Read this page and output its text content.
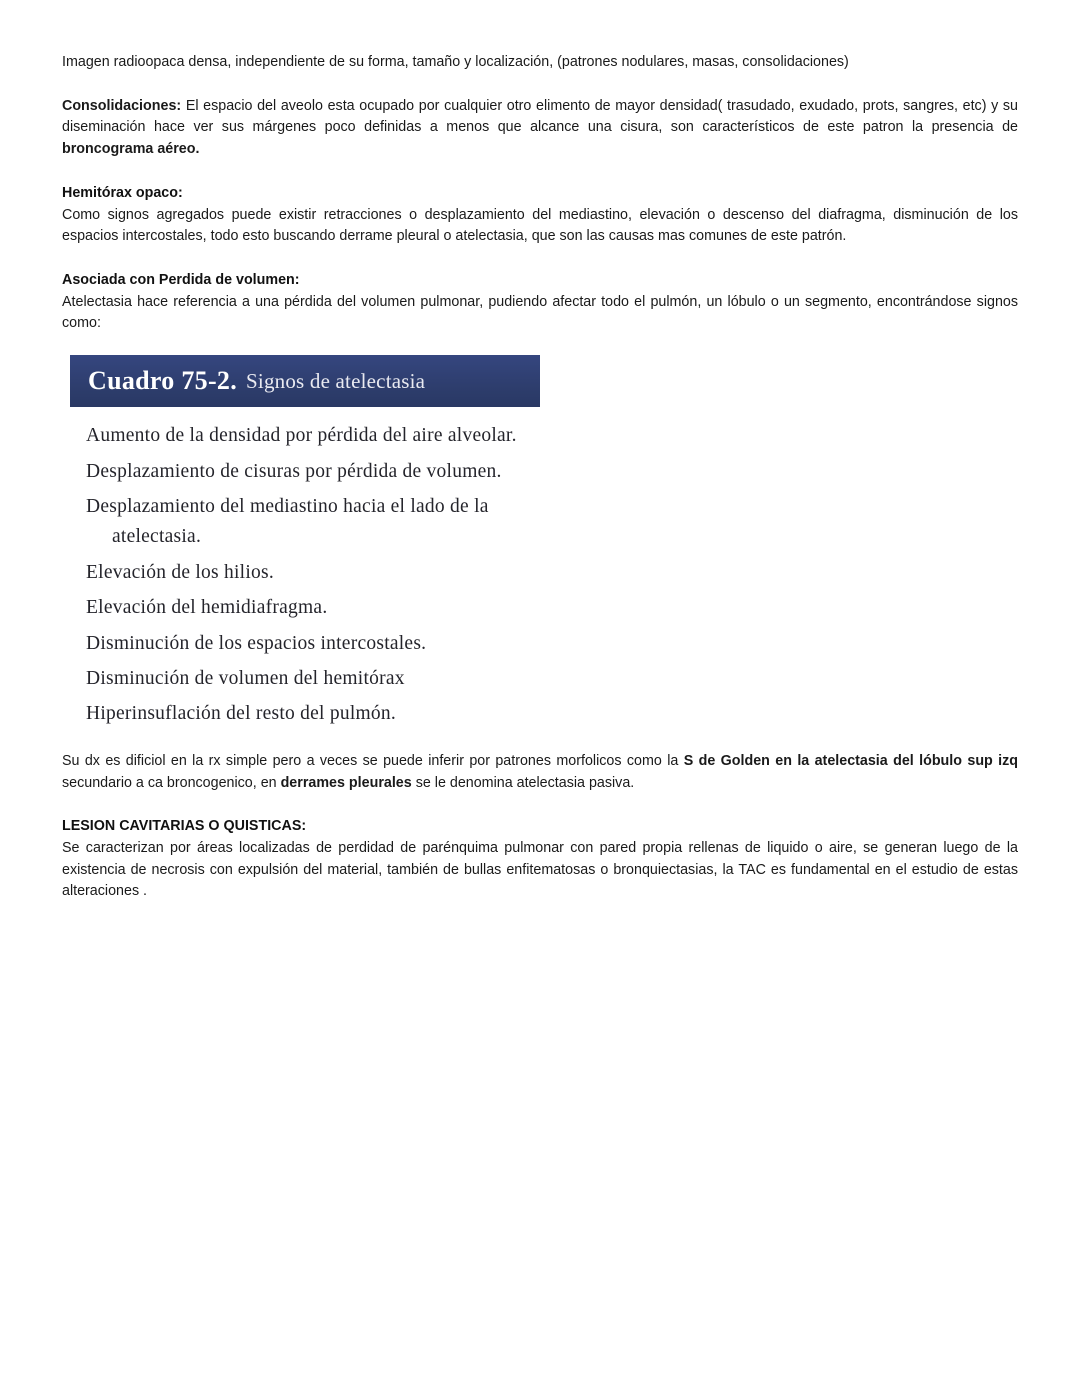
Imagen radioopaca densa, independiente de su forma, tamaño y localización, (patrones nodulares, masas, consolidaciones)

Consolidaciones: El espacio del aveolo esta ocupado por cualquier otro elimento de mayor densidad( trasudado, exudado, prots, sangres, etc) y su diseminación hace ver sus márgenes poco definidas a menos que alcance una cisura, son característicos de este patron la presencia de broncograma aéreo.

Hemitórax opaco:

Como signos agregados puede existir retracciones o desplazamiento del mediastino, elevación o descenso del diafragma, disminución de los espacios intercostales, todo esto buscando derrame pleural o atelectasia, que son las causas mas comunes de este patrón.

Asociada con Perdida de volumen:

Atelectasia hace referencia a una pérdida del volumen pulmonar, pudiendo afectar todo el pulmón, un lóbulo o un segmento, encontrándose signos como:

Cuadro 75-2. Signos de atelectasia
Aumento de la densidad por pérdida del aire alveolar.
Desplazamiento de cisuras por pérdida de volumen.
Desplazamiento del mediastino hacia el lado de la
atelectasia.
Elevación de los hilios.
Elevación del hemidiafragma.
Disminución de los espacios intercostales.
Disminución de volumen del hemitórax
Hiperinsuflación del resto del pulmón.

Su dx es dificiol en la rx simple pero a veces se puede inferir por patrones morfolicos como la S de Golden en la atelectasia del lóbulo sup izq secundario a ca broncogenico, en derrames pleurales se le denomina atelectasia pasiva.

LESION CAVITARIAS O QUISTICAS:

Se caracterizan por áreas localizadas de perdidad de parénquima pulmonar con pared propia rellenas de liquido o aire, se generan luego de la existencia de necrosis con expulsión del material, también de bullas enfitematosas o bronquiectasias, la TAC es fundamental en el estudio de estas alteraciones .
